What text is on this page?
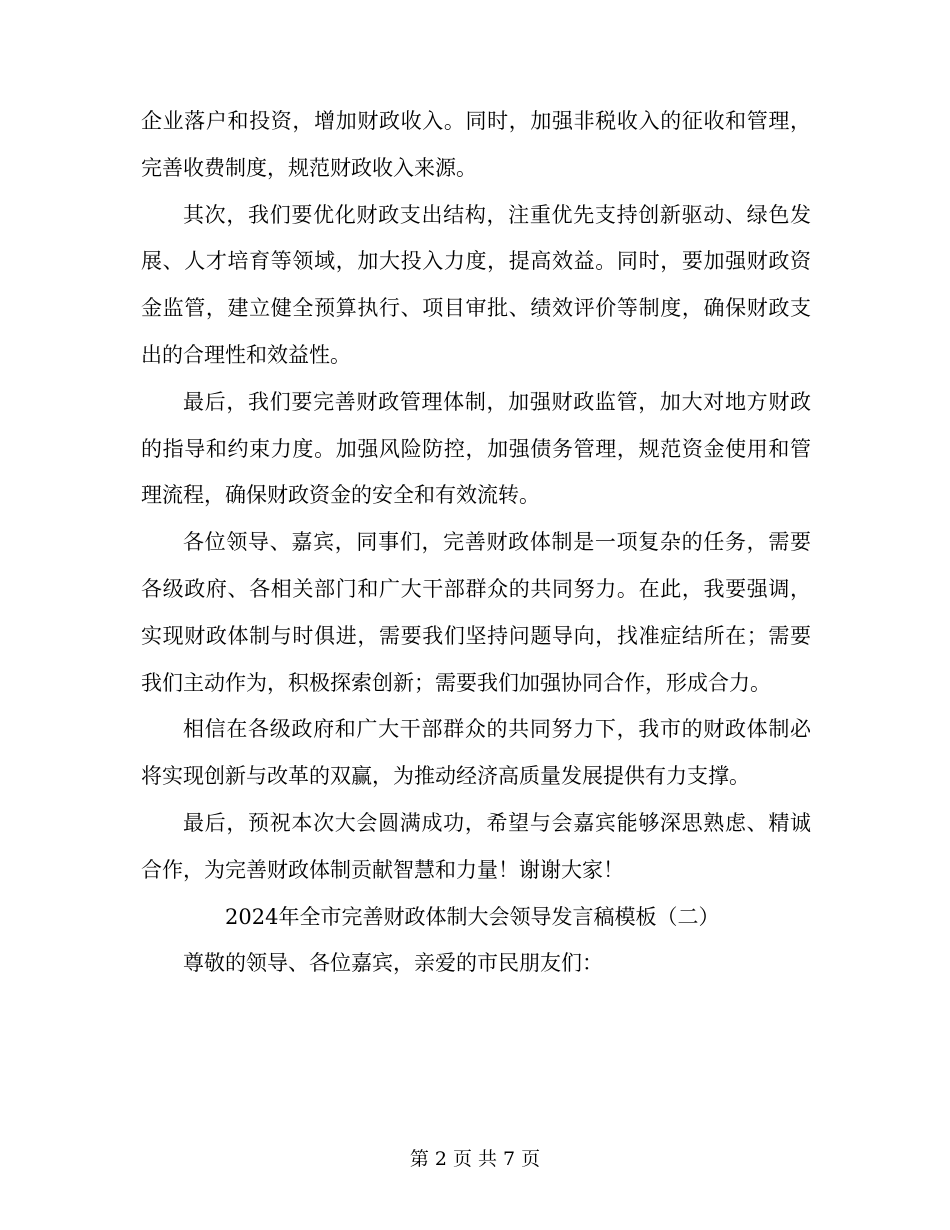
企业落户和投资，增加财政收入。同时，加强非税收入的征收和管理，完善收费制度，规范财政收入来源。

其次，我们要优化财政支出结构，注重优先支持创新驱动、绿色发展、人才培育等领域，加大投入力度，提高效益。同时，要加强财政资金监管，建立健全预算执行、项目审批、绩效评价等制度，确保财政支出的合理性和效益性。

最后，我们要完善财政管理体制，加强财政监管，加大对地方财政的指导和约束力度。加强风险防控，加强债务管理，规范资金使用和管理流程，确保财政资金的安全和有效流转。

各位领导、嘉宾，同事们，完善财政体制是一项复杂的任务，需要各级政府、各相关部门和广大干部群众的共同努力。在此，我要强调，实现财政体制与时俱进，需要我们坚持问题导向，找准症结所在；需要我们主动作为，积极探索创新；需要我们加强协同合作，形成合力。

相信在各级政府和广大干部群众的共同努力下，我市的财政体制必将实现创新与改革的双赢，为推动经济高质量发展提供有力支撑。

最后，预祝本次大会圆满成功，希望与会嘉宾能够深思熟虑、精诚合作，为完善财政体制贡献智慧和力量！谢谢大家！

2024年全市完善财政体制大会领导发言稿模板（二）

尊敬的领导、各位嘉宾，亲爱的市民朋友们：

第 2 页 共 7 页
